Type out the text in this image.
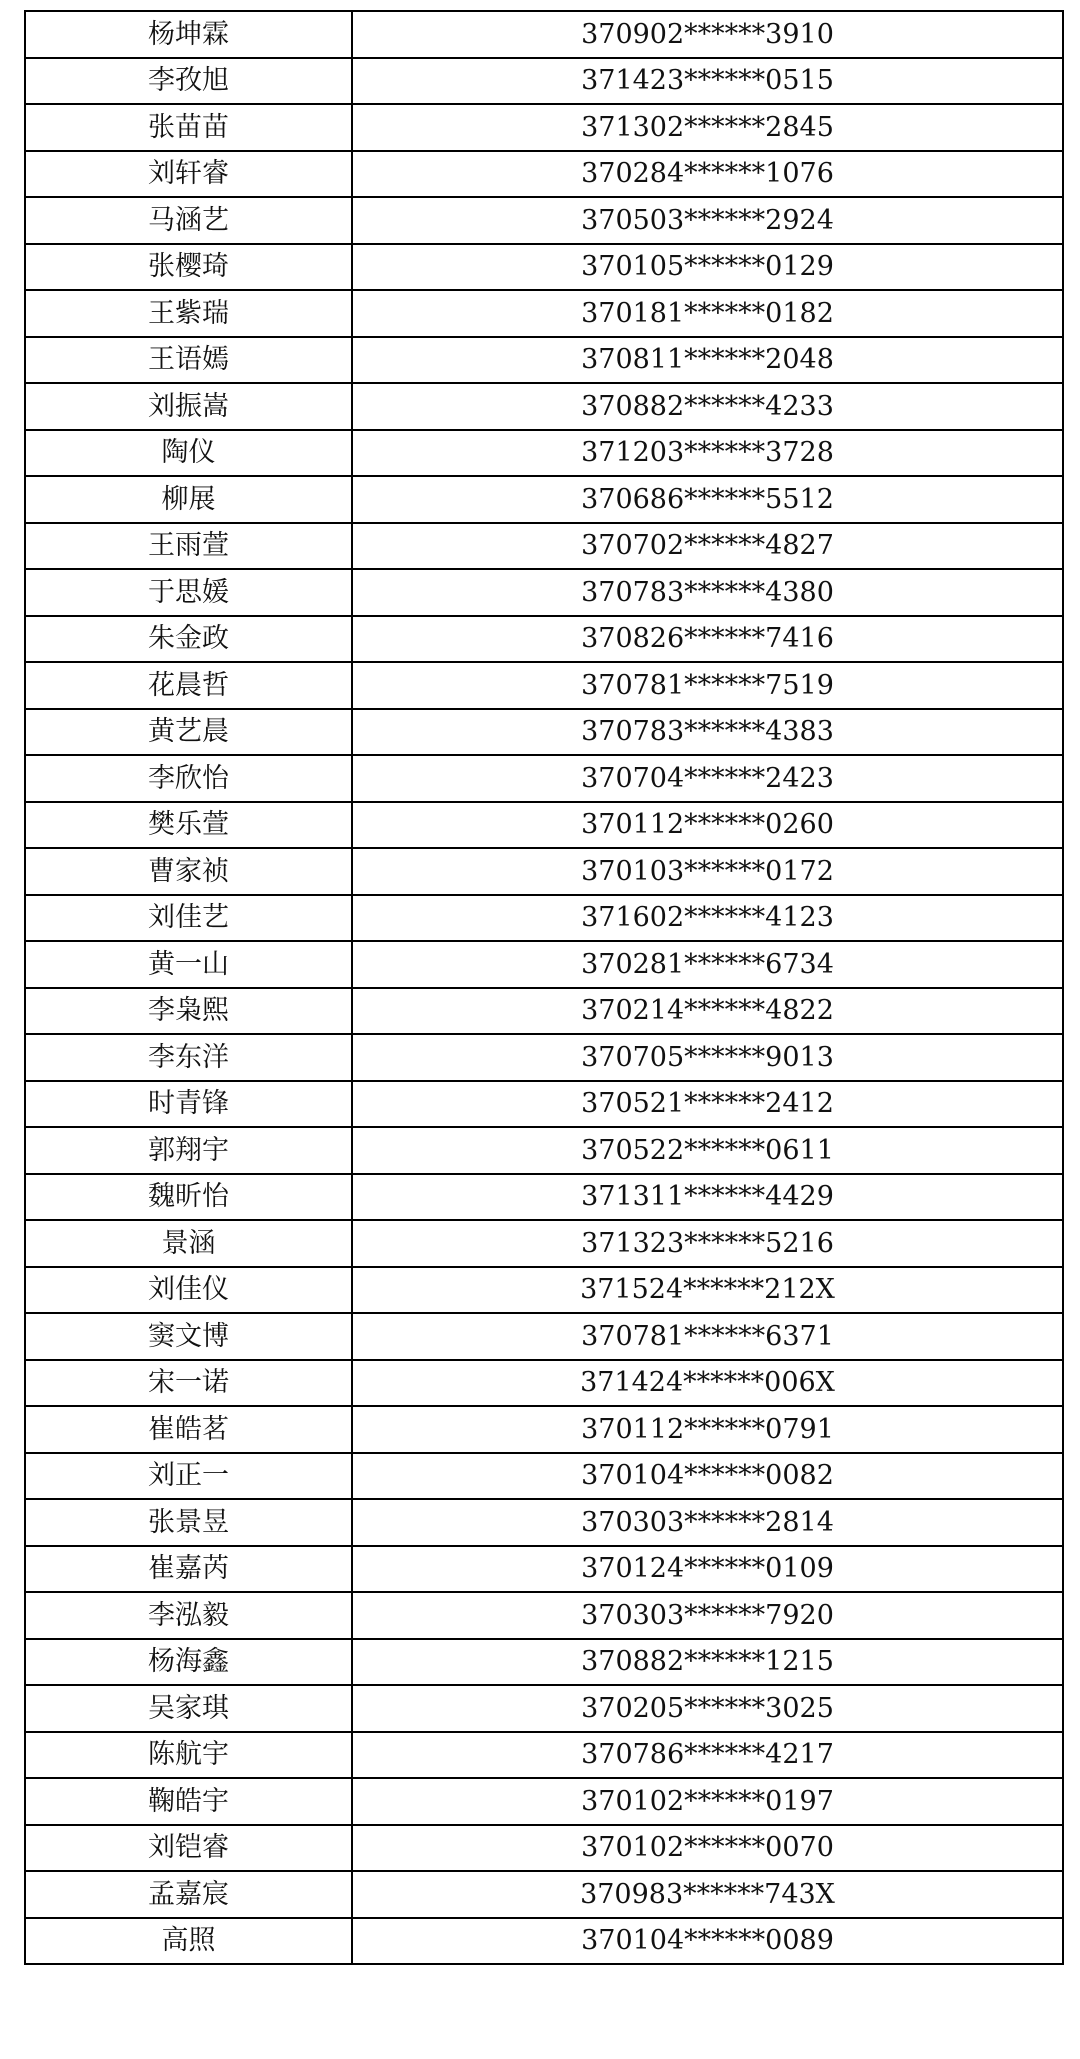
杨坤霖	370902******3910
李孜旭	371423******0515
张苗苗	371302******2845
刘轩睿	370284******1076
马涵艺	370503******2924
张樱琦	370105******0129
王紫瑞	370181******0182
王语嫣	370811******2048
刘振嵩	370882******4233
陶仪	371203******3728
柳展	370686******5512
王雨萱	370702******4827
于思媛	370783******4380
朱金政	370826******7416
花晨哲	370781******7519
黄艺晨	370783******4383
李欣怡	370704******2423
樊乐萱	370112******0260
曹家祯	370103******0172
刘佳艺	371602******4123
黄一山	370281******6734
李枭熙	370214******4822
李东洋	370705******9013
时青锋	370521******2412
郭翔宇	370522******0611
魏昕怡	371311******4429
景涵	371323******5216
刘佳仪	371524******212X
窦文博	370781******6371
宋一诺	371424******006X
崔皓茗	370112******0791
刘正一	370104******0082
张景昱	370303******2814
崔嘉芮	370124******0109
李泓毅	370303******7920
杨海鑫	370882******1215
吴家琪	370205******3025
陈航宇	370786******4217
鞠皓宇	370102******0197
刘铠睿	370102******0070
孟嘉宸	370983******743X
高照	370104******0089
